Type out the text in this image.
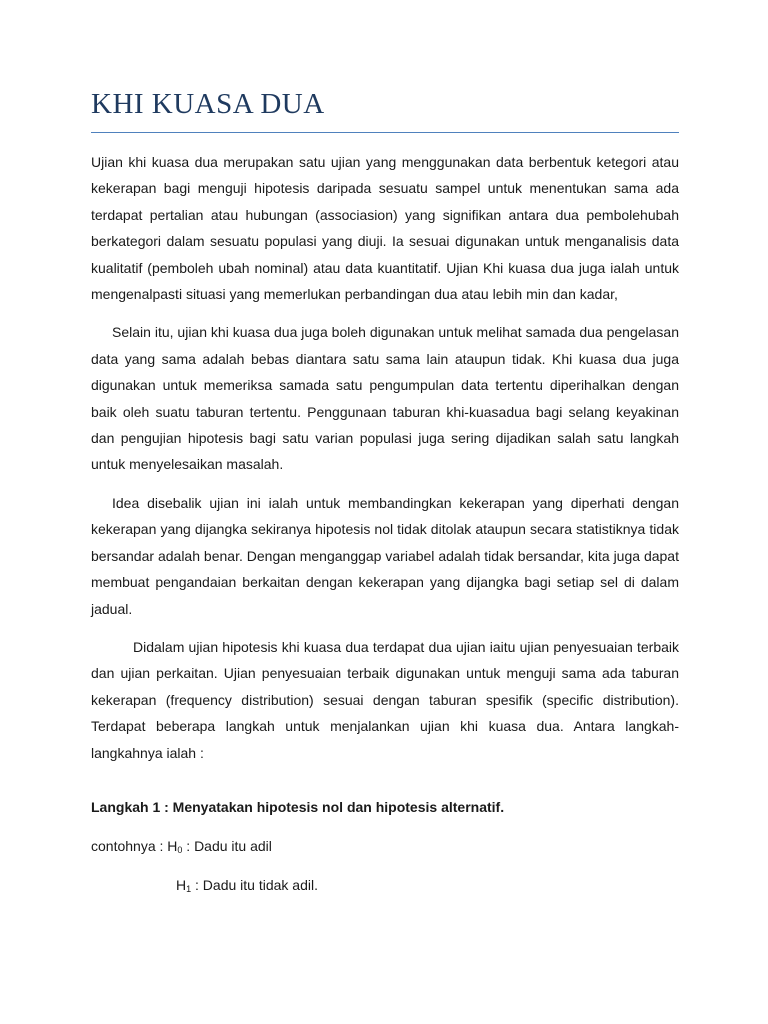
KHI KUASA DUA

Ujian khi kuasa dua merupakan satu ujian yang menggunakan data berbentuk ketegori atau kekerapan bagi menguji hipotesis daripada sesuatu sampel untuk menentukan sama ada terdapat pertalian atau hubungan (associasion) yang signifikan antara dua pembolehubah berkategori dalam sesuatu populasi yang diuji. Ia sesuai digunakan untuk menganalisis data kualitatif (pemboleh ubah nominal) atau data kuantitatif. Ujian Khi kuasa dua juga ialah untuk mengenalpasti situasi yang memerlukan perbandingan dua atau lebih min dan kadar,

Selain itu, ujian khi kuasa dua juga boleh digunakan untuk melihat samada dua pengelasan data yang sama adalah bebas diantara satu sama lain ataupun tidak. Khi kuasa dua juga digunakan untuk memeriksa samada satu pengumpulan data tertentu diperihalkan dengan baik oleh suatu taburan tertentu. Penggunaan taburan khi-kuasadua bagi selang keyakinan dan pengujian hipotesis bagi satu varian populasi juga sering dijadikan salah satu langkah untuk menyelesaikan masalah.

Idea disebalik ujian ini ialah untuk membandingkan kekerapan yang diperhati dengan kekerapan yang dijangka sekiranya hipotesis nol tidak ditolak ataupun secara statistiknya tidak bersandar adalah benar. Dengan menganggap variabel adalah tidak bersandar, kita juga dapat membuat pengandaian berkaitan dengan kekerapan yang dijangka bagi setiap sel di dalam jadual.

Didalam ujian hipotesis khi kuasa dua terdapat dua ujian iaitu ujian penyesuaian terbaik dan ujian perkaitan. Ujian penyesuaian terbaik digunakan untuk menguji sama ada taburan kekerapan (frequency distribution) sesuai dengan taburan spesifik (specific distribution). Terdapat beberapa langkah untuk menjalankan ujian khi kuasa dua. Antara langkah-langkahnya ialah :

Langkah 1 : Menyatakan hipotesis nol dan hipotesis alternatif.

contohnya : $H_0$ : Dadu itu adil

$H_1$ : Dadu itu tidak adil.
